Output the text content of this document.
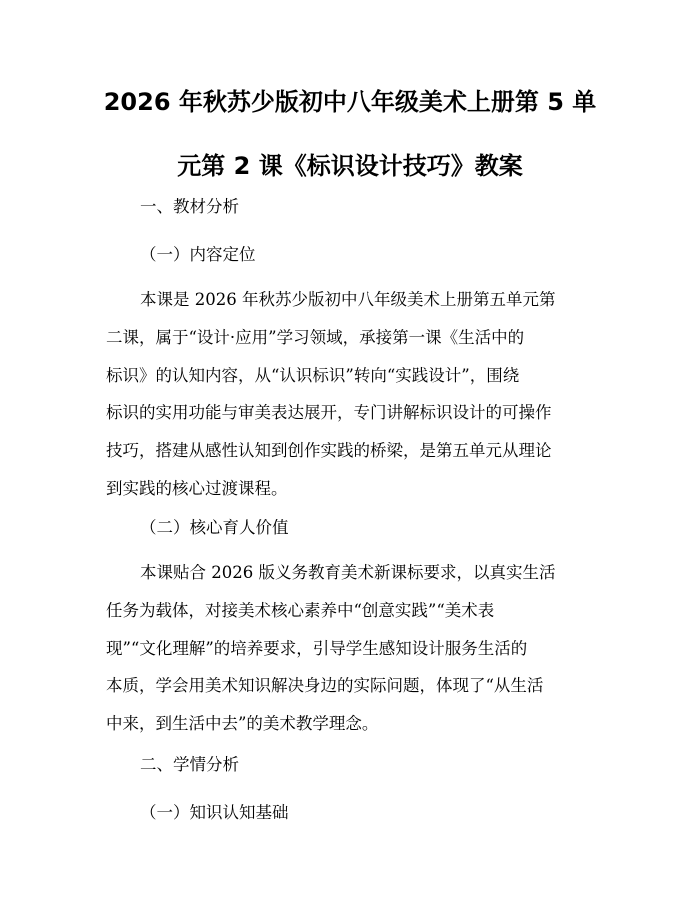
2026 年秋苏少版初中八年级美术上册第 5 单
元第 2 课《标识设计技巧》教案
一、教材分析
（一）内容定位
本课是 2026 年秋苏少版初中八年级美术上册第五单元第
二课，属于“设计·应用”学习领域，承接第一课《生活中的
标识》的认知内容，从“认识标识”转向“实践设计”，围绕
标识的实用功能与审美表达展开，专门讲解标识设计的可操作
技巧，搭建从感性认知到创作实践的桥梁，是第五单元从理论
到实践的核心过渡课程。
（二）核心育人价值
本课贴合 2026 版义务教育美术新课标要求，以真实生活
任务为载体，对接美术核心素养中“创意实践”“美术表
现”“文化理解”的培养要求，引导学生感知设计服务生活的
本质，学会用美术知识解决身边的实际问题，体现了“从生活
中来，到生活中去”的美术教学理念。
二、学情分析
（一）知识认知基础
